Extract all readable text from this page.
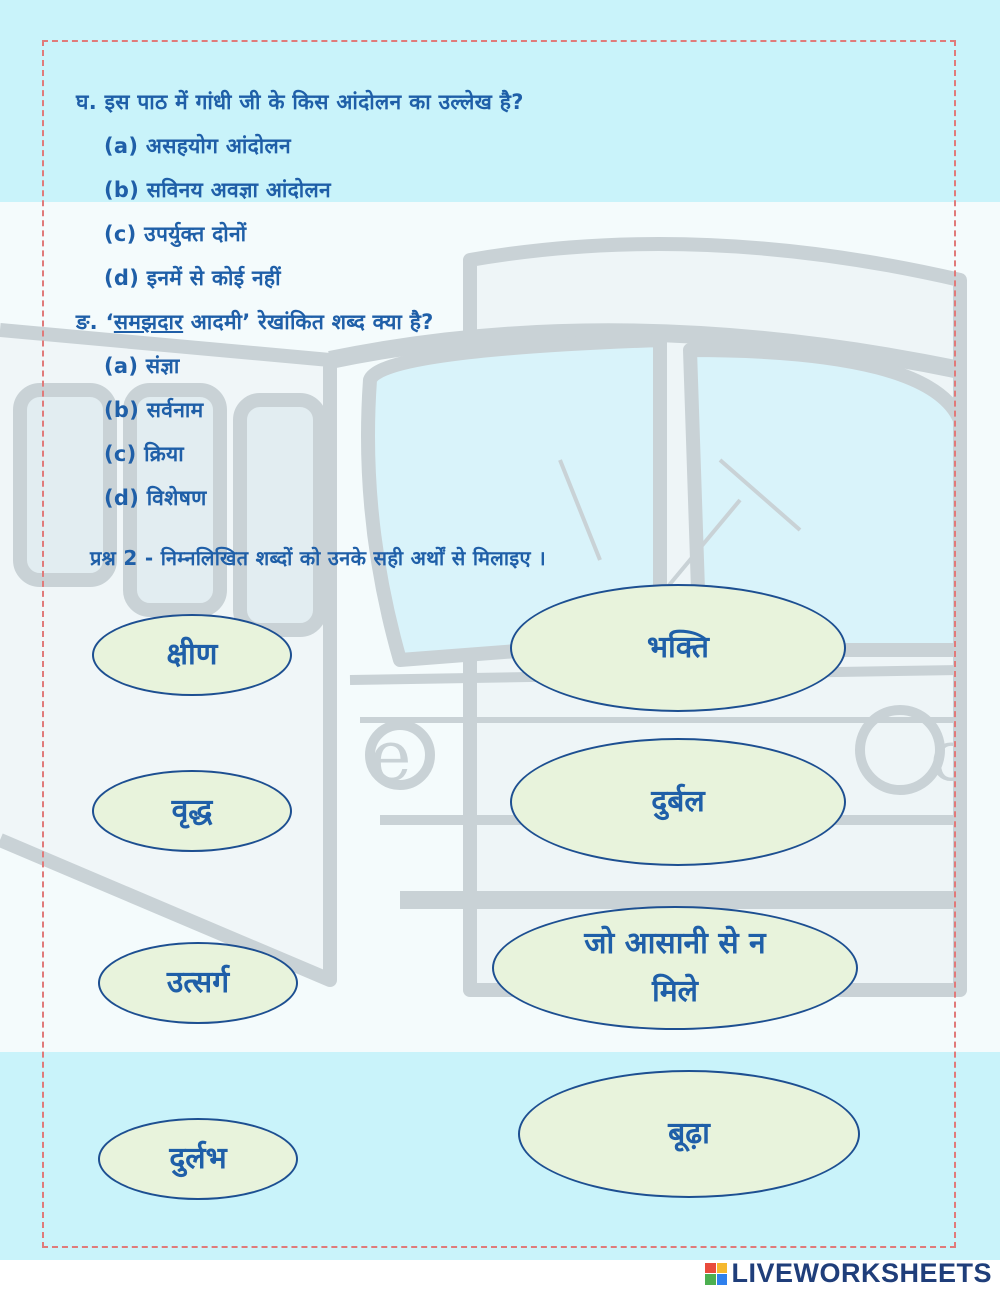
e	c
घ. इस पाठ में गांधी जी के किस आंदोलन का उल्लेख है?
(a) असहयोग आंदोलन
(b) सविनय अवज्ञा आंदोलन
(c) उपर्युक्त दोनों
(d) इनमें से कोई नहीं
ङ. ‘समझदार आदमी’ रेखांकित शब्द क्या है?
(a) संज्ञा
(b) सर्वनाम
(c) क्रिया
(d) विशेषण
प्रश्न 2 - निम्नलिखित शब्दों को उनके सही अर्थों से मिलाइए ।
क्षीण
वृद्ध
उत्सर्ग
दुर्लभ
भक्ति
दुर्बल
जो आसानी से न
मिले
बूढ़ा
LIVEWORKSHEETS
